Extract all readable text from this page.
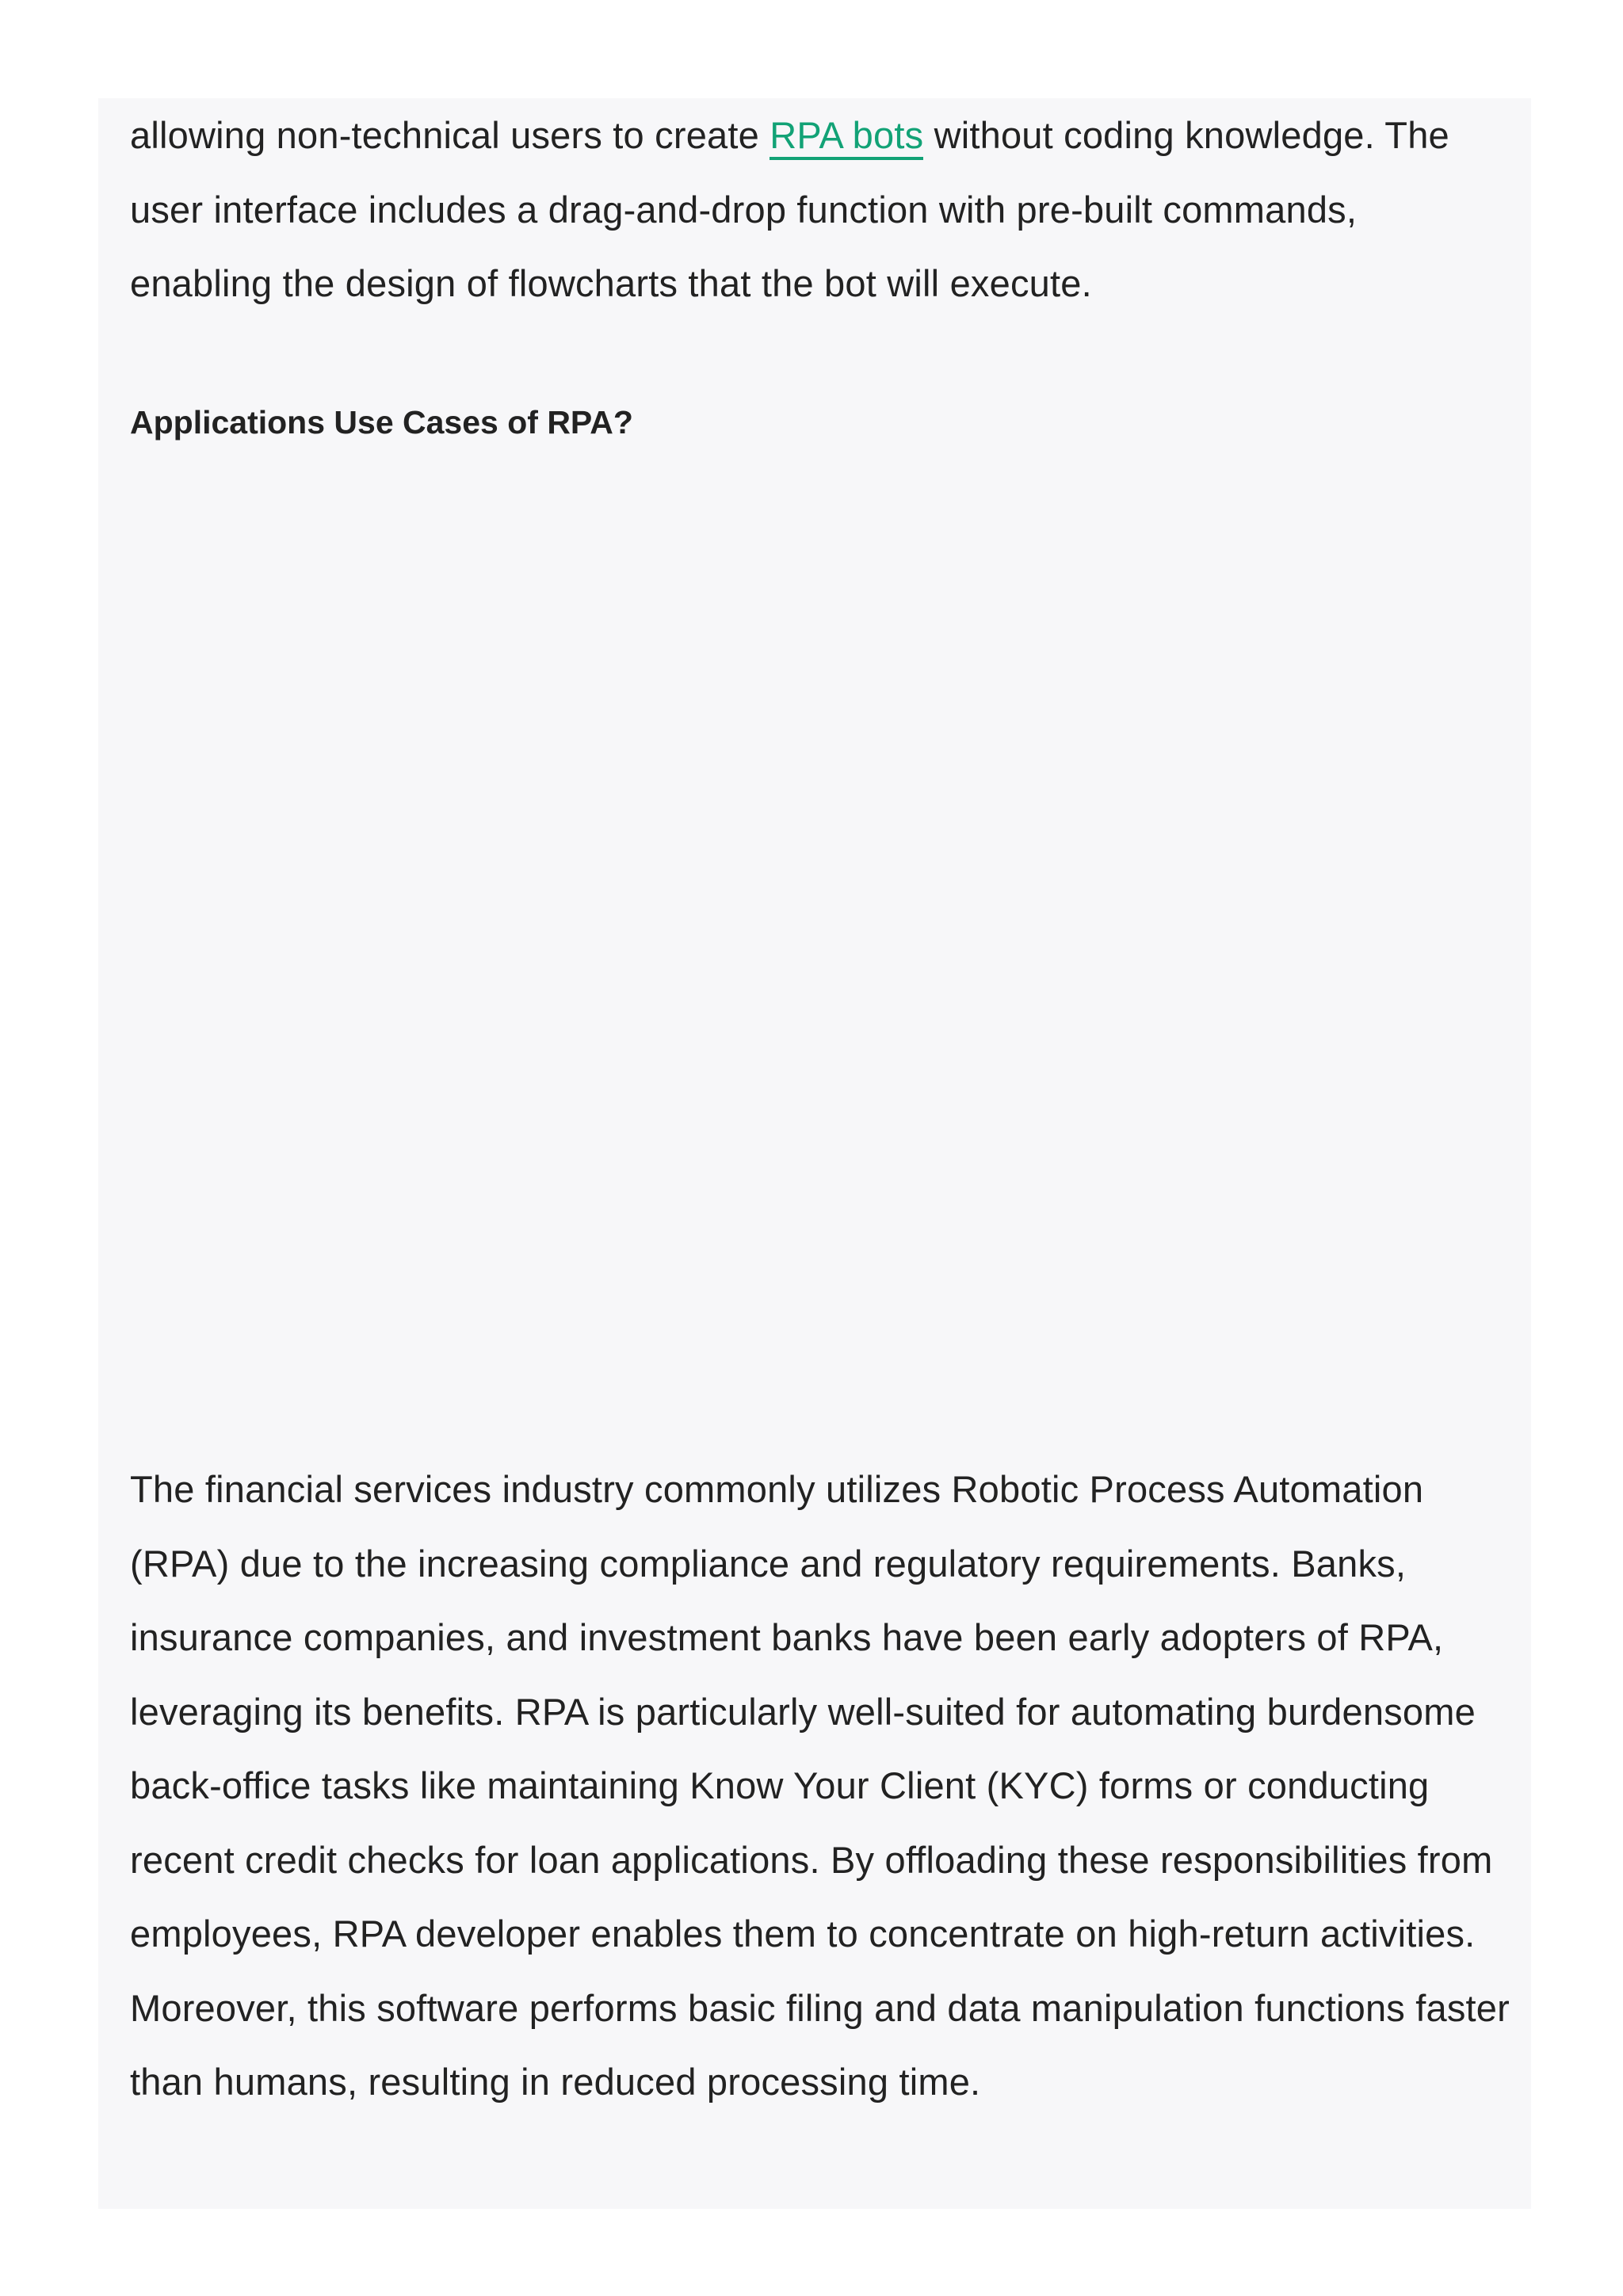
allowing non-technical users to create RPA bots without coding knowledge. The user interface includes a drag-and-drop function with pre-built commands, enabling the design of flowcharts that the bot will execute.

Applications Use Cases of RPA?

The financial services industry commonly utilizes Robotic Process Automation (RPA) due to the increasing compliance and regulatory requirements. Banks, insurance companies, and investment banks have been early adopters of RPA, leveraging its benefits. RPA is particularly well-suited for automating burdensome back-office tasks like maintaining Know Your Client (KYC) forms or conducting recent credit checks for loan applications. By offloading these responsibilities from employees, RPA developer enables them to concentrate on high-return activities. Moreover, this software performs basic filing and data manipulation functions faster than humans, resulting in reduced processing time.
